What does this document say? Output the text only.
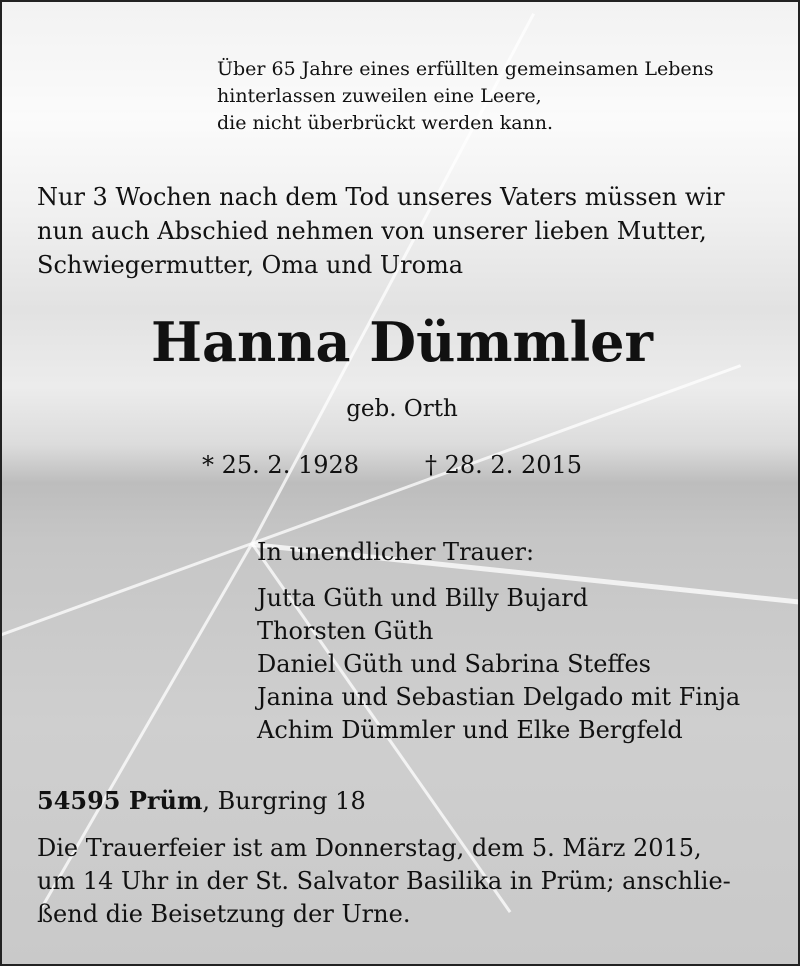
Über 65 Jahre eines erfüllten gemeinsamen Lebens
hinterlassen zuweilen eine Leere,
die nicht überbrückt werden kann.
Nur 3 Wochen nach dem Tod unseres Vaters müssen wir
nun auch Abschied nehmen von unserer lieben Mutter,
Schwiegermutter, Oma und Uroma
Hanna Dümmler
geb. Orth
* 25. 2. 1928	† 28. 2. 2015
In unendlicher Trauer:
Jutta Güth und Billy Bujard
Thorsten Güth
Daniel Güth und Sabrina Steffes
Janina und Sebastian Delgado mit Finja
Achim Dümmler und Elke Bergfeld
54595 Prüm, Burgring 18
Die Trauerfeier ist am Donnerstag, dem 5. März 2015,
um 14 Uhr in der St. Salvator Basilika in Prüm; anschlie-
ßend die Beisetzung der Urne.
